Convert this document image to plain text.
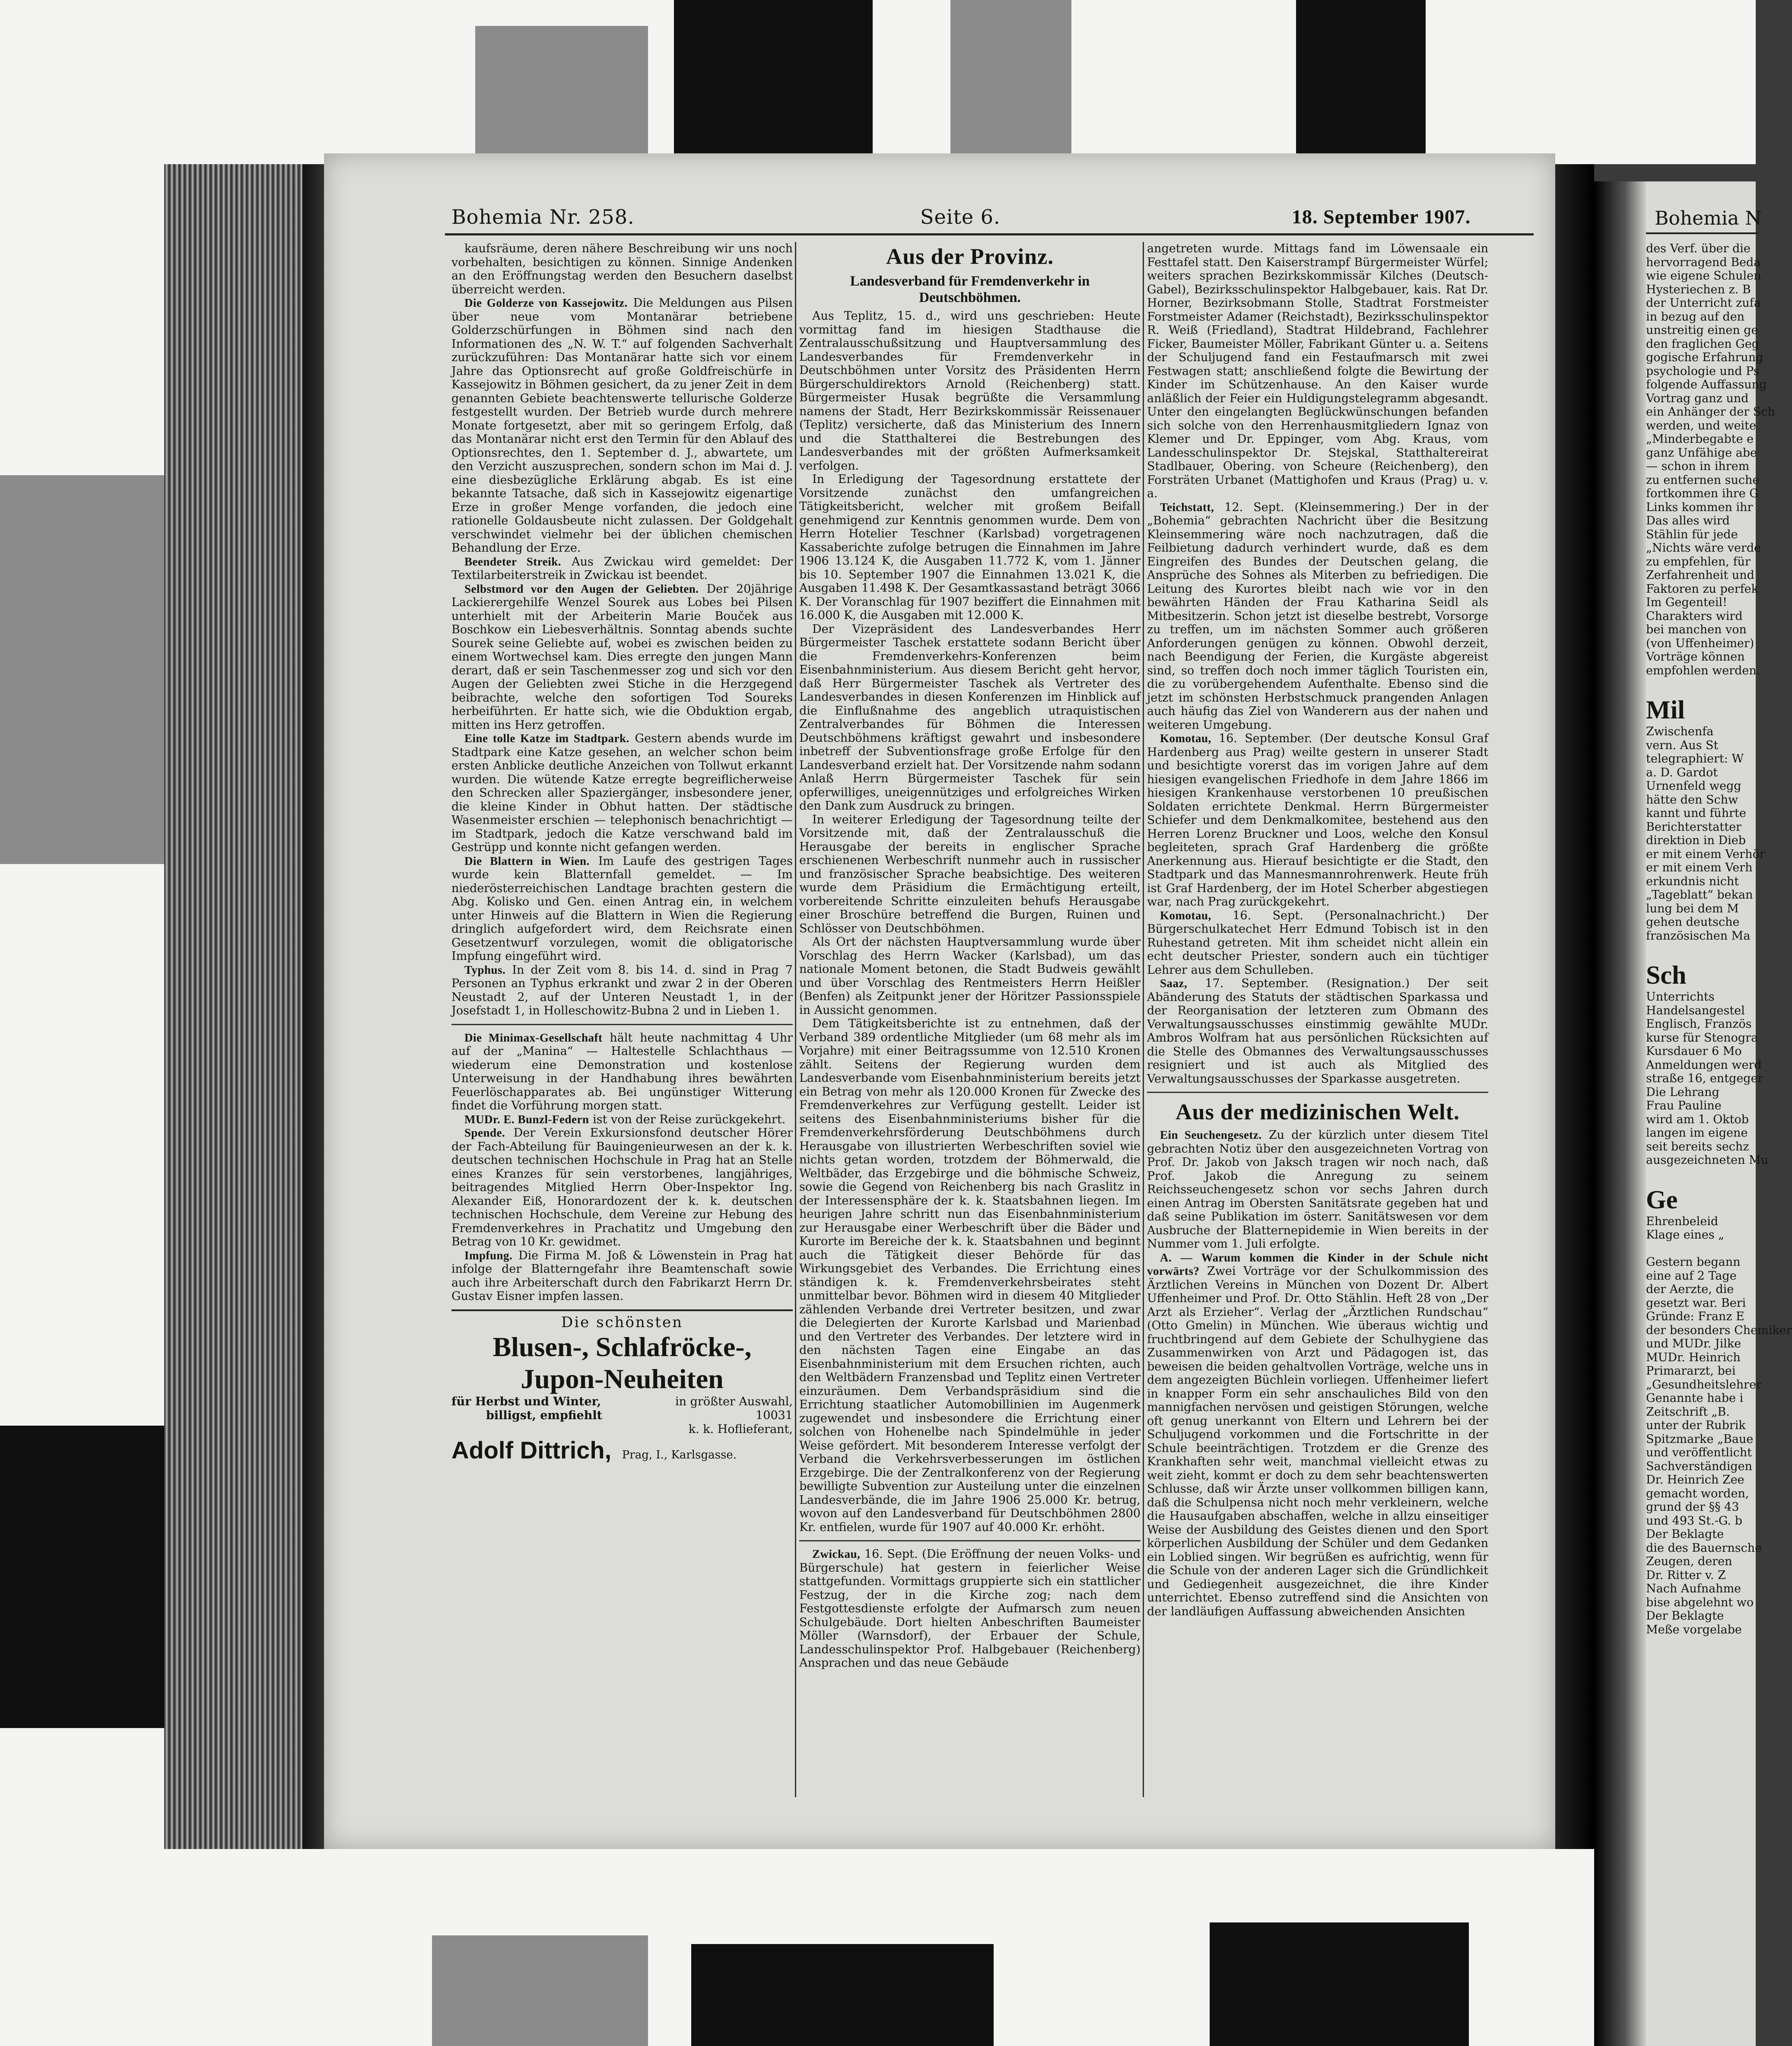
Bohemia Nr. 258.	Seite 6.	18. September 1907.

kaufsräume, deren nähere Beschreibung wir uns noch vorbehalten, besichtigen zu können. Sinnige Andenken an den Eröffnungstag werden den Besuchern daselbst überreicht werden.

Die Golderze von Kassejowitz. Die Meldungen aus Pilsen über neue vom Montanärar betriebene Golderzschürfungen in Böhmen sind nach den Informationen des „N. W. T.“ auf folgenden Sachverhalt zurückzuführen: Das Montanärar hatte sich vor einem Jahre das Optionsrecht auf große Goldfreischürfe in Kassejowitz in Böhmen gesichert, da zu jener Zeit in dem genannten Gebiete beachtenswerte tellurische Golderze festgestellt wurden. Der Betrieb wurde durch mehrere Monate fortgesetzt, aber mit so geringem Erfolg, daß das Montanärar nicht erst den Termin für den Ablauf des Optionsrechtes, den 1. September d. J., abwartete, um den Verzicht auszusprechen, sondern schon im Mai d. J. eine diesbezügliche Erklärung abgab. Es ist eine bekannte Tatsache, daß sich in Kassejowitz eigenartige Erze in großer Menge vorfanden, die jedoch eine rationelle Goldausbeute nicht zulassen. Der Goldgehalt verschwindet vielmehr bei der üblichen chemischen Behandlung der Erze.

Beendeter Streik. Aus Zwickau wird gemeldet: Der Textilarbeiterstreik in Zwickau ist beendet.

Selbstmord vor den Augen der Geliebten. Der 20jährige Lackierergehilfe Wenzel Sourek aus Lobes bei Pilsen unterhielt mit der Arbeiterin Marie Bouček aus Boschkow ein Liebesverhältnis. Sonntag abends suchte Sourek seine Geliebte auf, wobei es zwischen beiden zu einem Wortwechsel kam. Dies erregte den jungen Mann derart, daß er sein Taschenmesser zog und sich vor den Augen der Geliebten zwei Stiche in die Herzgegend beibrachte, welche den sofortigen Tod Soureks herbeiführten. Er hatte sich, wie die Obduktion ergab, mitten ins Herz getroffen.

Eine tolle Katze im Stadtpark. Gestern abends wurde im Stadtpark eine Katze gesehen, an welcher schon beim ersten Anblicke deutliche Anzeichen von Tollwut erkannt wurden. Die wütende Katze erregte begreiflicherweise den Schrecken aller Spaziergänger, insbesondere jener, die kleine Kinder in Obhut hatten. Der städtische Wasenmeister erschien — telephonisch benachrichtigt — im Stadtpark, jedoch die Katze verschwand bald im Gestrüpp und konnte nicht gefangen werden.

Die Blattern in Wien. Im Laufe des gestrigen Tages wurde kein Blatternfall gemeldet. — Im niederösterreichischen Landtage brachten gestern die Abg. Kolisko und Gen. einen Antrag ein, in welchem unter Hinweis auf die Blattern in Wien die Regierung dringlich aufgefordert wird, dem Reichsrate einen Gesetzentwurf vorzulegen, womit die obligatorische Impfung eingeführt wird.

Typhus. In der Zeit vom 8. bis 14. d. sind in Prag 7 Personen an Typhus erkrankt und zwar 2 in der Oberen Neustadt 2, auf der Unteren Neustadt 1, in der Josefstadt 1, in Holleschowitz-Bubna 2 und in Lieben 1.

Die Minimax-Gesellschaft hält heute nachmittag 4 Uhr auf der „Manina“ — Haltestelle Schlachthaus — wiederum eine Demonstration und kostenlose Unterweisung in der Handhabung ihres bewährten Feuerlöschapparates ab. Bei ungünstiger Witterung findet die Vorführung morgen statt.

MUDr. E. Bunzl-Federn ist von der Reise zurückgekehrt.

Spende. Der Verein Exkursionsfond deutscher Hörer der Fach-Abteilung für Bauingenieurwesen an der k. k. deutschen technischen Hochschule in Prag hat an Stelle eines Kranzes für sein verstorbenes, langjähriges, beitragendes Mitglied Herrn Ober-Inspektor Ing. Alexander Eiß, Honorardozent der k. k. deutschen technischen Hochschule, dem Vereine zur Hebung des Fremdenverkehres in Prachatitz und Umgebung den Betrag von 10 Kr. gewidmet.

Impfung. Die Firma M. Joß & Löwenstein in Prag hat infolge der Blatterngefahr ihre Beamtenschaft sowie auch ihre Arbeiterschaft durch den Fabrikarzt Herrn Dr. Gustav Eisner impfen lassen.

Die schönsten
Blusen-, Schlafröcke-,
Jupon-Neuheiten
für Herbst und Winter,	in größter Auswahl,
billigst, empfiehlt	10031
k. k. Hoflieferant,
Adolf Dittrich, Prag, I., Karlsgasse.
Aus der Provinz.
Landesverband für Fremdenverkehr in Deutschböhmen.

Aus Teplitz, 15. d., wird uns geschrieben: Heute vormittag fand im hiesigen Stadthause die Zentralausschußsitzung und Hauptversammlung des Landesverbandes für Fremdenverkehr in Deutschböhmen unter Vorsitz des Präsidenten Herrn Bürgerschuldirektors Arnold (Reichenberg) statt. Bürgermeister Husak begrüßte die Versammlung namens der Stadt, Herr Bezirkskommissär Reissenauer (Teplitz) versicherte, daß das Ministerium des Innern und die Statthalterei die Bestrebungen des Landesverbandes mit der größten Aufmerksamkeit verfolgen.

In Erledigung der Tagesordnung erstattete der Vorsitzende zunächst den umfangreichen Tätigkeitsbericht, welcher mit großem Beifall genehmigend zur Kenntnis genommen wurde. Dem von Herrn Hotelier Teschner (Karlsbad) vorgetragenen Kassaberichte zufolge betrugen die Einnahmen im Jahre 1906 13.124 K, die Ausgaben 11.772 K, vom 1. Jänner bis 10. September 1907 die Einnahmen 13.021 K, die Ausgaben 11.498 K. Der Gesamtkassastand beträgt 3066 K. Der Voranschlag für 1907 beziffert die Einnahmen mit 16.000 K, die Ausgaben mit 12.000 K.

Der Vizepräsident des Landesverbandes Herr Bürgermeister Taschek erstattete sodann Bericht über die Fremdenverkehrs-Konferenzen beim Eisenbahnministerium. Aus diesem Bericht geht hervor, daß Herr Bürgermeister Taschek als Vertreter des Landesverbandes in diesen Konferenzen im Hinblick auf die Einflußnahme des angeblich utraquistischen Zentralverbandes für Böhmen die Interessen Deutschböhmens kräftigst gewahrt und insbesondere inbetreff der Subventionsfrage große Erfolge für den Landesverband erzielt hat. Der Vorsitzende nahm sodann Anlaß Herrn Bürgermeister Taschek für sein opferwilliges, uneigennütziges und erfolgreiches Wirken den Dank zum Ausdruck zu bringen.

In weiterer Erledigung der Tagesordnung teilte der Vorsitzende mit, daß der Zentralausschuß die Herausgabe der bereits in englischer Sprache erschienenen Werbeschrift nunmehr auch in russischer und französischer Sprache beabsichtige. Des weiteren wurde dem Präsidium die Ermächtigung erteilt, vorbereitende Schritte einzuleiten behufs Herausgabe einer Broschüre betreffend die Burgen, Ruinen und Schlösser von Deutschböhmen.

Als Ort der nächsten Hauptversammlung wurde über Vorschlag des Herrn Wacker (Karlsbad), um das nationale Moment betonen, die Stadt Budweis gewählt und über Vorschlag des Rentmeisters Herrn Heißler (Benfen) als Zeitpunkt jener der Höritzer Passionsspiele in Aussicht genommen.

Dem Tätigkeitsberichte ist zu entnehmen, daß der Verband 389 ordentliche Mitglieder (um 68 mehr als im Vorjahre) mit einer Beitragssumme von 12.510 Kronen zählt. Seitens der Regierung wurden dem Landesverbande vom Eisenbahnministerium bereits jetzt ein Betrag von mehr als 120.000 Kronen für Zwecke des Fremdenverkehres zur Verfügung gestellt. Leider ist seitens des Eisenbahnministeriums bisher für die Fremdenverkehrsförderung Deutschböhmens durch Herausgabe von illustrierten Werbeschriften soviel wie nichts getan worden, trotzdem der Böhmerwald, die Weltbäder, das Erzgebirge und die böhmische Schweiz, sowie die Gegend von Reichenberg bis nach Graslitz in der Interessensphäre der k. k. Staatsbahnen liegen. Im heurigen Jahre schritt nun das Eisenbahnministerium zur Herausgabe einer Werbeschrift über die Bäder und Kurorte im Bereiche der k. k. Staatsbahnen und beginnt auch die Tätigkeit dieser Behörde für das Wirkungsgebiet des Verbandes. Die Errichtung eines ständigen k. k. Fremdenverkehrsbeirates steht unmittelbar bevor. Böhmen wird in diesem 40 Mitglieder zählenden Verbande drei Vertreter besitzen, und zwar die Delegierten der Kurorte Karlsbad und Marienbad und den Vertreter des Verbandes. Der letztere wird in den nächsten Tagen eine Eingabe an das Eisenbahnministerium mit dem Ersuchen richten, auch den Weltbädern Franzensbad und Teplitz einen Vertreter einzuräumen. Dem Verbandspräsidium sind die Errichtung staatlicher Automobillinien im Augenmerk zugewendet und insbesondere die Errichtung einer solchen von Hohenelbe nach Spindelmühle in jeder Weise gefördert. Mit besonderem Interesse verfolgt der Verband die Verkehrsverbesserungen im östlichen Erzgebirge. Die der Zentralkonferenz von der Regierung bewilligte Subvention zur Austeilung unter die einzelnen Landesverbände, die im Jahre 1906 25.000 Kr. betrug, wovon auf den Landesverband für Deutschböhmen 2800 Kr. entfielen, wurde für 1907 auf 40.000 Kr. erhöht.

Zwickau, 16. Sept. (Die Eröffnung der neuen Volks- und Bürgerschule) hat gestern in feierlicher Weise stattgefunden. Vormittags gruppierte sich ein stattlicher Festzug, der in die Kirche zog; nach dem Festgottesdienste erfolgte der Aufmarsch zum neuen Schulgebäude. Dort hielten Anbeschriften Baumeister Möller (Warnsdorf), der Erbauer der Schule, Landesschulinspektor Prof. Halbgebauer (Reichenberg) Ansprachen und das neue Gebäude

angetreten wurde. Mittags fand im Löwensaale ein Festtafel statt. Den Kaiserstrampf Bürgermeister Würfel; weiters sprachen Bezirkskommissär Kilches (Deutsch-Gabel), Bezirksschulinspektor Halbgebauer, kais. Rat Dr. Horner, Bezirksobmann Stolle, Stadtrat Forstmeister Forstmeister Adamer (Reichstadt), Bezirksschulinspektor R. Weiß (Friedland), Stadtrat Hildebrand, Fachlehrer Ficker, Baumeister Möller, Fabrikant Günter u. a. Seitens der Schuljugend fand ein Festaufmarsch mit zwei Festwagen statt; anschließend folgte die Bewirtung der Kinder im Schützenhause. An den Kaiser wurde anläßlich der Feier ein Huldigungstelegramm abgesandt. Unter den eingelangten Beglückwünschungen befanden sich solche von den Herrenhausmitgliedern Ignaz von Klemer und Dr. Eppinger, vom Abg. Kraus, vom Landesschulinspektor Dr. Stejskal, Statthaltereirat Stadlbauer, Obering. von Scheure (Reichenberg), den Forsträten Urbanet (Mattighofen und Kraus (Prag) u. v. a.

Teichstatt, 12. Sept. (Kleinsemmering.) Der in der „Bohemia“ gebrachten Nachricht über die Besitzung Kleinsemmering wäre noch nachzutragen, daß die Feilbietung dadurch verhindert wurde, daß es dem Eingreifen des Bundes der Deutschen gelang, die Ansprüche des Sohnes als Miterben zu befriedigen. Die Leitung des Kurortes bleibt nach wie vor in den bewährten Händen der Frau Katharina Seidl als Mitbesitzerin. Schon jetzt ist dieselbe bestrebt, Vorsorge zu treffen, um im nächsten Sommer auch größeren Anforderungen genügen zu können. Obwohl derzeit, nach Beendigung der Ferien, die Kurgäste abgereist sind, so treffen doch noch immer täglich Touristen ein, die zu vorübergehendem Aufenthalte. Ebenso sind die jetzt im schönsten Herbstschmuck prangenden Anlagen auch häufig das Ziel von Wanderern aus der nahen und weiteren Umgebung.

Komotau, 16. September. (Der deutsche Konsul Graf Hardenberg aus Prag) weilte gestern in unserer Stadt und besichtigte vorerst das im vorigen Jahre auf dem hiesigen evangelischen Friedhofe in dem Jahre 1866 im hiesigen Krankenhause verstorbenen 10 preußischen Soldaten errichtete Denkmal. Herrn Bürgermeister Schiefer und dem Denkmalkomitee, bestehend aus den Herren Lorenz Bruckner und Loos, welche den Konsul begleiteten, sprach Graf Hardenberg die größte Anerkennung aus. Hierauf besichtigte er die Stadt, den Stadtpark und das Mannesmannrohrenwerk. Heute früh ist Graf Hardenberg, der im Hotel Scherber abgestiegen war, nach Prag zurückgekehrt.

Komotau, 16. Sept. (Personalnachricht.) Der Bürgerschulkatechet Herr Edmund Tobisch ist in den Ruhestand getreten. Mit ihm scheidet nicht allein ein echt deutscher Priester, sondern auch ein tüchtiger Lehrer aus dem Schulleben.

Saaz, 17. September. (Resignation.) Der seit Abänderung des Statuts der städtischen Sparkassa und der Reorganisation der letzteren zum Obmann des Verwaltungsausschusses einstimmig gewählte MUDr. Ambros Wolfram hat aus persönlichen Rücksichten auf die Stelle des Obmannes des Verwaltungsausschusses resigniert und ist auch als Mitglied des Verwaltungsausschusses der Sparkasse ausgetreten.

Aus der medizinischen Welt.

Ein Seuchengesetz. Zu der kürzlich unter diesem Titel gebrachten Notiz über den ausgezeichneten Vortrag von Prof. Dr. Jakob von Jaksch tragen wir noch nach, daß Prof. Jakob die Anregung zu seinem Reichsseuchengesetz schon vor sechs Jahren durch einen Antrag im Obersten Sanitätsrate gegeben hat und daß seine Publikation im österr. Sanitätswesen vor dem Ausbruche der Blatternepidemie in Wien bereits in der Nummer vom 1. Juli erfolgte.

A. — Warum kommen die Kinder in der Schule nicht vorwärts? Zwei Vorträge vor der Schulkommission des Ärztlichen Vereins in München von Dozent Dr. Albert Uffenheimer und Prof. Dr. Otto Stählin. Heft 28 von „Der Arzt als Erzieher“. Verlag der „Ärztlichen Rundschau“ (Otto Gmelin) in München. Wie überaus wichtig und fruchtbringend auf dem Gebiete der Schulhygiene das Zusammenwirken von Arzt und Pädagogen ist, das beweisen die beiden gehaltvollen Vorträge, welche uns in dem angezeigten Büchlein vorliegen. Uffenheimer liefert in knapper Form ein sehr anschauliches Bild von den mannigfachen nervösen und geistigen Störungen, welche oft genug unerkannt von Eltern und Lehrern bei der Schuljugend vorkommen und die Fortschritte in der Schule beeinträchtigen. Trotzdem er die Grenze des Krankhaften sehr weit, manchmal vielleicht etwas zu weit zieht, kommt er doch zu dem sehr beachtenswerten Schlusse, daß wir Ärzte unser vollkommen billigen kann, daß die Schulpensa nicht noch mehr verkleinern, welche die Hausaufgaben abschaffen, welche in allzu einseitiger Weise der Ausbildung des Geistes dienen und den Sport körperlichen Ausbildung der Schüler und dem Gedanken ein Loblied singen. Wir begrüßen es aufrichtig, wenn für die Schule von der anderen Lager sich die Gründlichkeit und Gediegenheit ausgezeichnet, die ihre Kinder unterrichtet. Ebenso zutreffend sind die Ansichten von der landläufigen Auffassung abweichenden Ansichten

Bohemia N
des Verf. über die
hervorragend Beda
wie eigene Schulen
Hysteriechen z. B
der Unterricht zufa
in bezug auf den
unstreitig einen ge
den fraglichen Geg
gogische Erfahrung
psychologie und Ps
folgende Auffassung
Vortrag ganz und
ein Anhänger der Sch
werden, und weite
„Minderbegabte e
ganz Unfähige abe
— schon in ihrem
zu entfernen suche
fortkommen ihre G
Links kommen ihr
Das alles wird
Stählin für jede
„Nichts wäre verde
zu empfehlen, für
Zerfahrenheit und
Faktoren zu perfek
Im Gegenteil!
Charakters wird
bei manchen von
(von Uffenheimer)
Vorträge können
empfohlen werden.
Mil
Zwischenfa
vern. Aus St
telegraphiert: W
a. D. Gardot
Urnenfeld wegg
hätte den Schw
kannt und führte
Berichterstatter
direktion in Dieb
er mit einem Verhör
er mit einem Verh
erkundnis nicht
„Tageblatt“ bekan
lung bei dem M
gehen deutsche
französischen Ma
Sch
Unterrichts
Handelsangestel
Englisch, Französ
kurse für Stenogra
Kursdauer 6 Mo
Anmeldungen werd
straße 16, entgeger
Die Lehrang
Frau Pauline
wird am 1. Oktob
langen im eigene
seit bereits sechz
ausgezeichneten Mu
Ge
Ehrenbeleid
Klage eines „

Gestern begann
eine auf 2 Tage
der Aerzte, die
gesetzt war. Beri
Gründe: Franz E
der besonders Chemiker
und MUDr. Jilke
MUDr. Heinrich
Primararzt, bei
„Gesundheitslehrer
Genannte habe i
Zeitschrift „B.
unter der Rubrik
Spitzmarke „Baue
und veröffentlicht
Sachverständigen
Dr. Heinrich Zee
gemacht worden,
grund der §§ 43
und 493 St.-G. b
Der Beklagte
die des Bauernsche
Zeugen, deren
Dr. Ritter v. Z
Nach Aufnahme
bise abgelehnt wo
Der Beklagte
Meße vorgelabe
